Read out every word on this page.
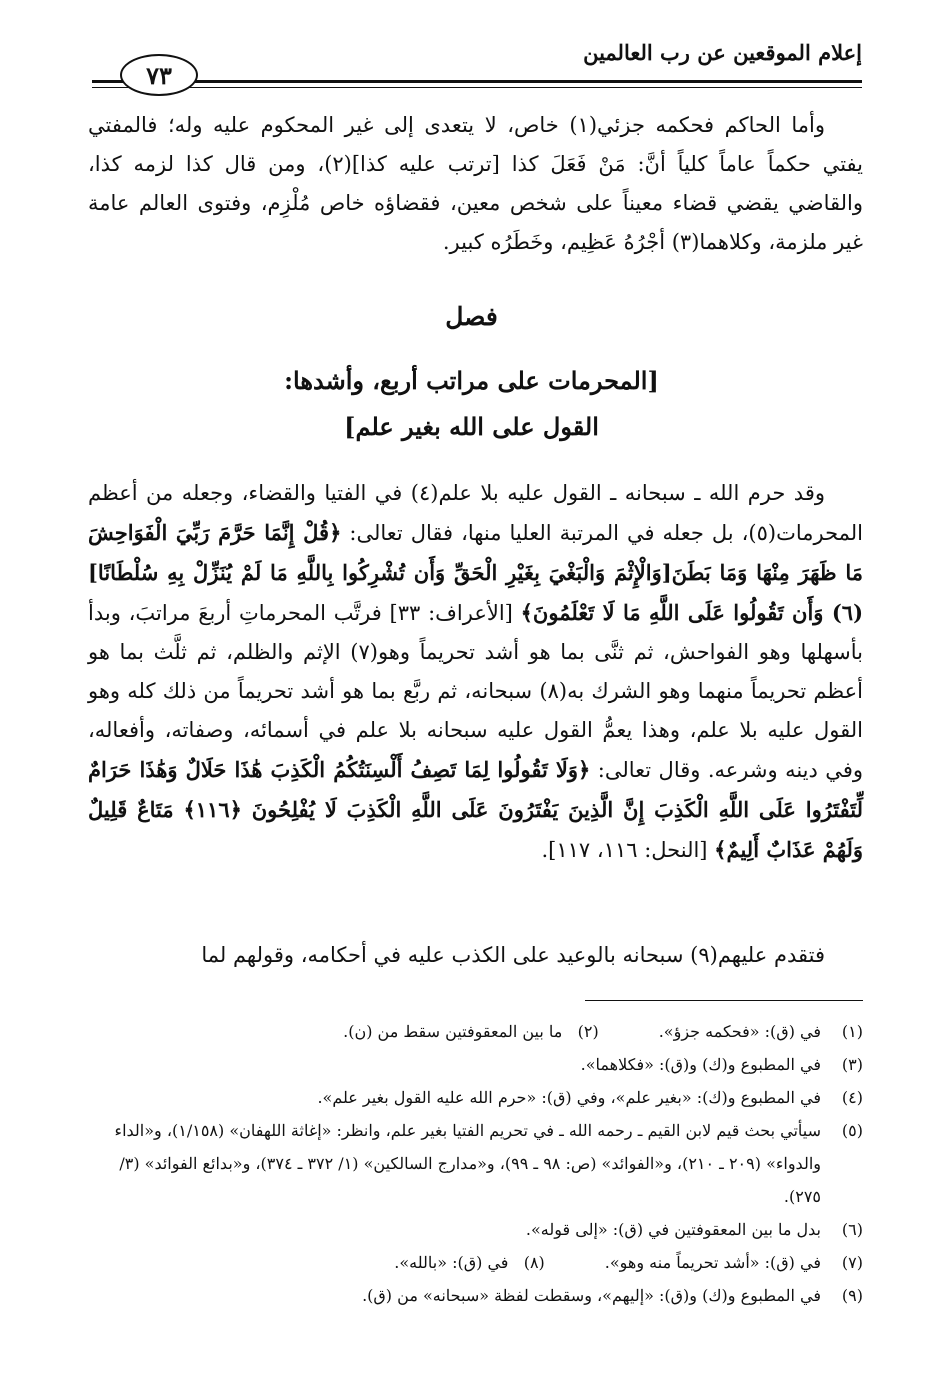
إعلام الموقعين عن رب العالمين
٧٣
وأما الحاكم فحكمه جزئي(١) خاص، لا يتعدى إلى غير المحكوم عليه وله؛ فالمفتي يفتي حكماً عاماً كلياً أنَّ: مَنْ فَعَلَ كذا [ترتب عليه كذا](٢)، ومن قال كذا لزمه كذا، والقاضي يقضي قضاء معيناً على شخص معين، فقضاؤه خاص مُلْزِم، وفتوى العالم عامة غير ملزمة، وكلاهما(٣) أجْرُهُ عَظِيم، وخَطَرُه كبير.
فصل
[المحرمات على مراتب أربع، وأشدها:
القول على الله بغير علم]
وقد حرم الله ـ سبحانه ـ القول عليه بلا علم(٤) في الفتيا والقضاء، وجعله من أعظم المحرمات(٥)، بل جعله في المرتبة العليا منها، فقال تعالى: ﴿قُلْ إِنَّمَا حَرَّمَ رَبِّيَ الْفَوَاحِشَ مَا ظَهَرَ مِنْهَا وَمَا بَطَنَ[وَالْإِثْمَ وَالْبَغْيَ بِغَيْرِ الْحَقِّ وَأَن تُشْرِكُوا بِاللَّهِ مَا لَمْ يُنَزِّلْ بِهِ سُلْطَانًا](٦) وَأَن تَقُولُوا عَلَى اللَّهِ مَا لَا تَعْلَمُونَ﴾ [الأعراف: ٣٣] فرتَّب المحرماتِ أربعَ مراتبَ، وبدأ بأسهلها وهو الفواحش، ثم ثنَّى بما هو أشد تحريماً وهو(٧) الإثم والظلم، ثم ثلَّث بما هو أعظم تحريماً منهما وهو الشرك به(٨) سبحانه، ثم ربَّع بما هو أشد تحريماً من ذلك كله وهو القول عليه بلا علم، وهذا يعمُّ القول عليه سبحانه بلا علم في أسمائه، وصفاته، وأفعاله، وفي دينه وشرعه. وقال تعالى: ﴿وَلَا تَقُولُوا لِمَا تَصِفُ أَلْسِنَتُكُمُ الْكَذِبَ هَٰذَا حَلَالٌ وَهَٰذَا حَرَامٌ لِّتَفْتَرُوا عَلَى اللَّهِ الْكَذِبَ إِنَّ الَّذِينَ يَفْتَرُونَ عَلَى اللَّهِ الْكَذِبَ لَا يُفْلِحُونَ ﴿١١٦﴾ مَتَاعٌ قَلِيلٌ وَلَهُمْ عَذَابٌ أَلِيمٌ﴾ [النحل: ١١٦، ١١٧].
فتقدم عليهم(٩) سبحانه بالوعيد على الكذب عليه في أحكامه، وقولهم لما
(١)
في (ق): «فحكمه جزؤ».(٢)   ما بين المعقوفتين سقط من (ن).
(٣)
في المطبوع و(ك) و(ق): «فكلاهما».
(٤)
في المطبوع و(ك): «بغير علم»، وفي (ق): «حرم الله عليه القول بغير علم».
(٥)
سيأتي بحث قيم لابن القيم ـ رحمه الله ـ في تحريم الفتيا بغير علم، وانظر: «إغاثة اللهفان» (١/١٥٨)، و«الداء والدواء» (٢٠٩ ـ ٢١٠)، و«الفوائد» (ص: ٩٨ ـ ٩٩)، و«مدارج السالكين» (١/ ٣٧٢ ـ ٣٧٤)، و«بدائع الفوائد» (٣/ ٢٧٥).
(٦)
بدل ما بين المعقوفتين في (ق): «إلى قوله».
(٧)
في (ق): «أشد تحريماً منه وهو».(٨)   في (ق): «بالله».
(٩)
في المطبوع و(ك) و(ق): «إليهم»، وسقطت لفظة «سبحانه» من (ق).
